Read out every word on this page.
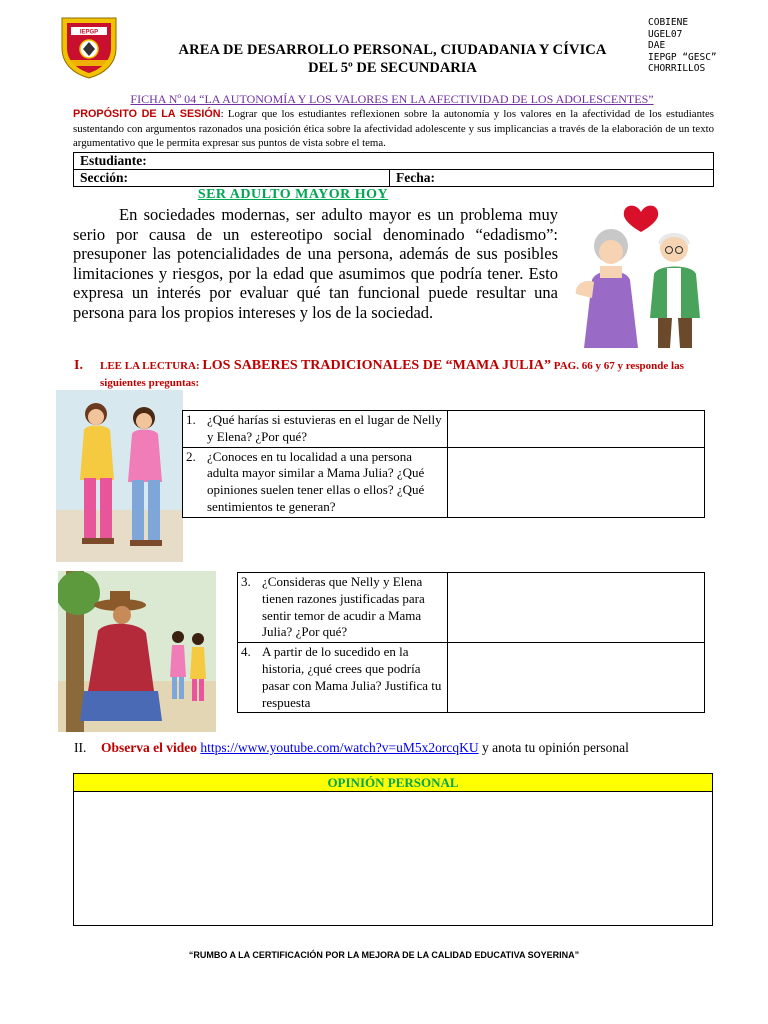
IEPGP
AREA DE DESARROLLO PERSONAL, CIUDADANIA Y CÍVICA
DEL 5º DE SECUNDARIA
COBIENE
UGEL07
DAE
IEPGP “GESC”
CHORRILLOS
FICHA Nº 04 “LA AUTONOMÍA Y LOS VALORES EN LA AFECTIVIDAD DE LOS ADOLESCENTES”
PROPÓSITO DE LA SESIÓN: Lograr que los estudiantes reflexionen sobre la autonomía y los valores en la afectividad de los estudiantes sustentando con argumentos razonados una posición ética sobre la afectividad adolescente y sus implicancias a través de la elaboración de un texto argumentativo que le permita expresar sus puntos de vista sobre el tema.
Estudiante:
Sección:	Fecha:
SER ADULTO MAYOR HOY
En sociedades modernas, ser adulto mayor es un problema muy serio por causa de un estereotipo social denominado “edadismo”: presuponer las potencialidades de una persona, además de sus posibles limitaciones y riesgos, por la edad que asumimos que podría tener. Esto expresa un interés por evaluar qué tan funcional puede resultar una persona para los propios intereses y los de la sociedad.
I. LEE LA LECTURA: LOS SABERES TRADICIONALES DE “MAMA JULIA” PAG. 66 y 67 y responde las siguientes preguntas:
1.	¿Qué harías si estuvieras en el lugar de Nelly y Elena? ¿Por qué?	
2.	¿Conoces en tu localidad a una persona adulta mayor similar a Mama Julia? ¿Qué opiniones suelen tener ellas o ellos? ¿Qué sentimientos te generan?	
3.	¿Consideras que Nelly y Elena tienen razones justificadas para sentir temor de acudir a Mama Julia? ¿Por qué?	
4.	A partir de lo sucedido en la historia, ¿qué crees que podría pasar con Mama Julia? Justifica tu respuesta	
II. Observa el video https://www.youtube.com/watch?v=uM5x2orcqKU y anota tu opinión personal
OPINIÓN PERSONAL
“RUMBO A LA CERTIFICACIÓN POR LA MEJORA DE LA CALIDAD EDUCATIVA SOYERINA”
